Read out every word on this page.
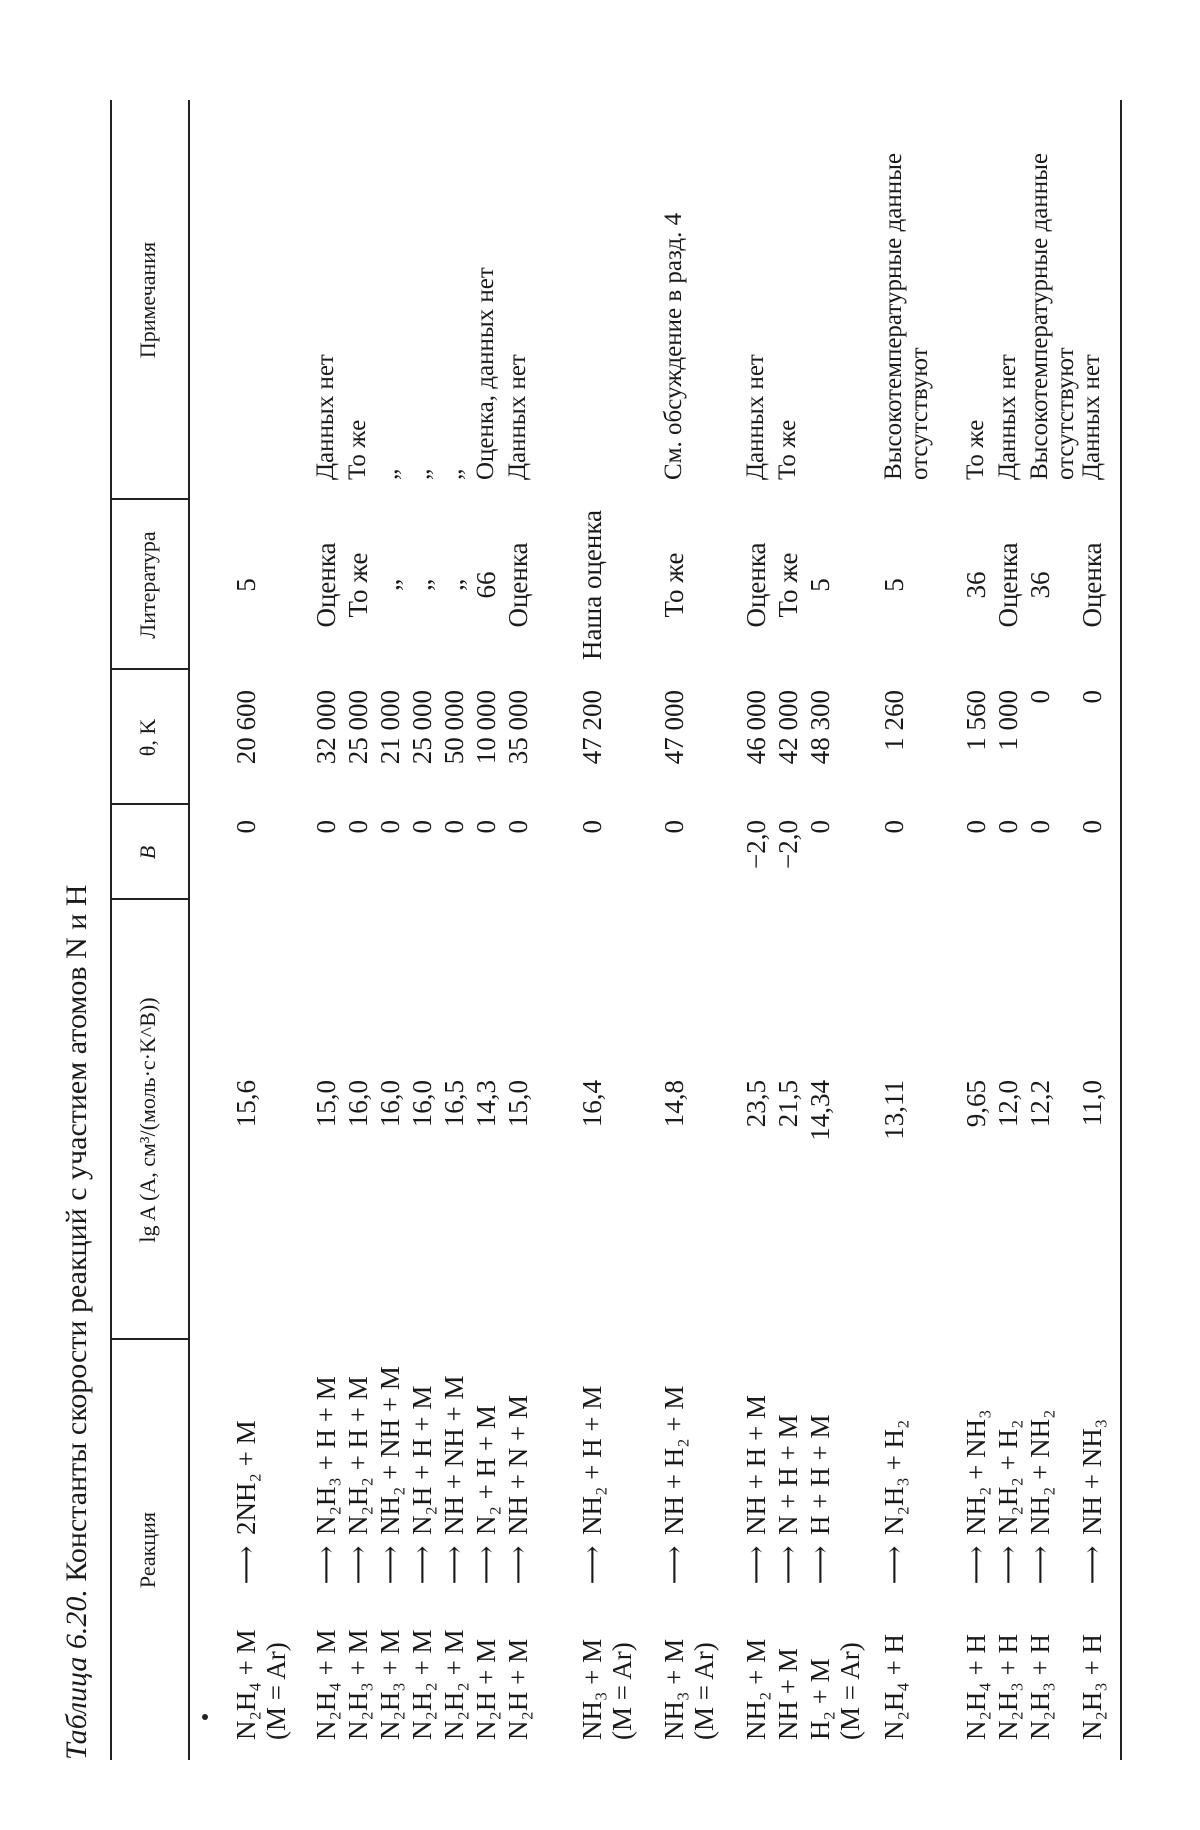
Таблица 6.20. Константы скорости реакций с участием атомов N и H Реакция
lg A (A, см³/(моль·с·K^B))
B
θ, K
Литература
Примечания
N₂H₄ + M
⟶
2NH₂ + M
(M = Ar)
15,6
0
20 600
5
N₂H₄ + M
⟶
N₂H₃ + H + M
15,0
0
32 000
Оценка
Данных нет
N₂H₃ + M
⟶
N₂H₂ + H + M
16,0
0
25 000
То же
То же
N₂H₃ + M
⟶
NH₂ + NH + M
16,0
0
21 000
„
„
N₂H₂ + M
⟶
N₂H + H + M
16,0
0
25 000
„
„
N₂H₂ + M
⟶
NH + NH + M
16,5
0
50 000
„
„
N₂H + M
⟶
N₂ + H + M
14,3
0
10 000
66
Оценка, данных нет
N₂H + M
⟶
NH + N + M
15,0
0
35 000
Оценка
Данных нет
NH₃ + M
⟶
NH₂ + H + M
(M = Ar)
16,4
0
47 200
Наша оценка
NH₃ + M
⟶
NH + H₂ + M
(M = Ar)
14,8
0
47 000
То же
См. обсуждение в разд. 4
NH₂ + M
⟶
NH + H + M
23,5
−2,0
46 000
Оценка
Данных нет
NH + M
⟶
N + H + M
21,5
−2,0
42 000
То же
То же
H₂ + M
⟶
H + H + M
(M = Ar)
14,34
0
48 300
5
N₂H₄ + H
⟶
N₂H₃ + H₂
13,11
0
1 260
5
Высокотемпературные данные отсутствуют
N₂H₄ + H
⟶
NH₂ + NH₃
9,65
0
1 560
36
То же
N₂H₃ + H
⟶
N₂H₂ + H₂
12,0
0
1 000
Оценка
Данных нет
N₂H₃ + H
⟶
NH₂ + NH₂
12,2
0
0
36
Высокотемпературные данные отсутствуют
N₂H₃ + H
⟶
NH + NH₃
11,0
0
0
Оценка
Данных нет
